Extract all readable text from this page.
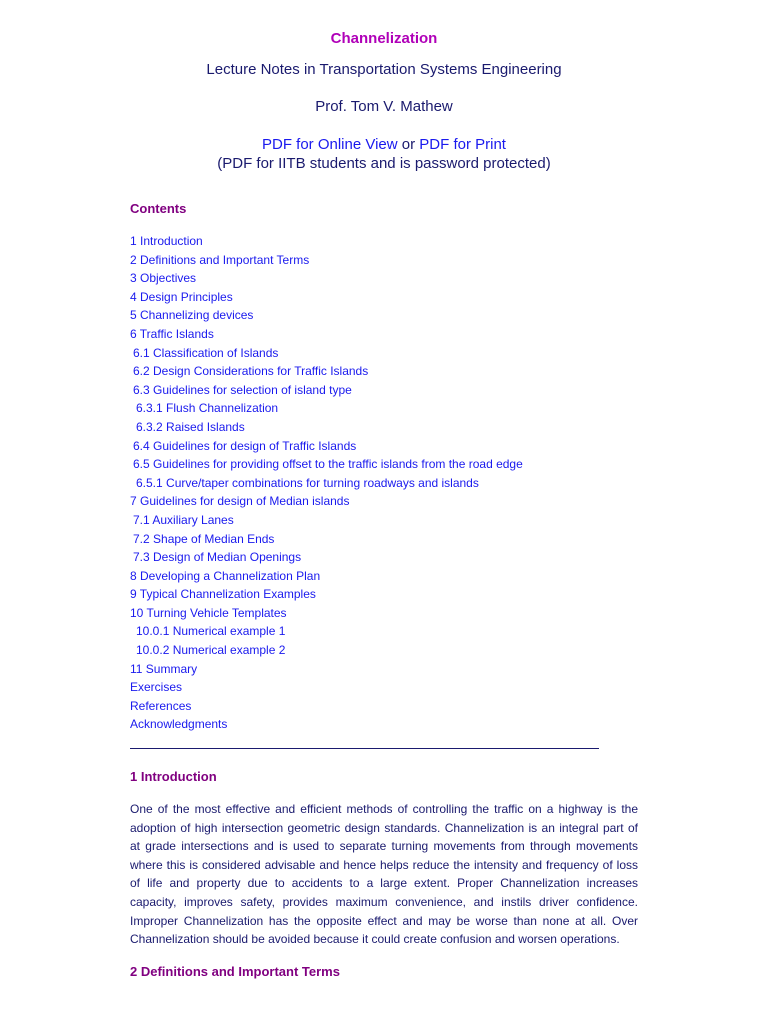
Channelization
Lecture Notes in Transportation Systems Engineering
Prof. Tom V. Mathew
PDF for Online View or PDF for Print
(PDF for IITB students and is password protected)
Contents
1 Introduction
2 Definitions and Important Terms
3 Objectives
4 Design Principles
5 Channelizing devices
6 Traffic Islands
6.1 Classification of Islands
6.2 Design Considerations for Traffic Islands
6.3 Guidelines for selection of island type
6.3.1 Flush Channelization
6.3.2 Raised Islands
6.4 Guidelines for design of Traffic Islands
6.5 Guidelines for providing offset to the traffic islands from the road edge
6.5.1 Curve/taper combinations for turning roadways and islands
7 Guidelines for design of Median islands
7.1 Auxiliary Lanes
7.2 Shape of Median Ends
7.3 Design of Median Openings
8 Developing a Channelization Plan
9 Typical Channelization Examples
10 Turning Vehicle Templates
10.0.1 Numerical example 1
10.0.2 Numerical example 2
11 Summary
Exercises
References
Acknowledgments
1 Introduction

One of the most effective and efficient methods of controlling the traffic on a highway is the adoption of high intersection geometric design standards. Channelization is an integral part of at grade intersections and is used to separate turning movements from through movements where this is considered advisable and hence helps reduce the intensity and frequency of loss of life and property due to accidents to a large extent. Proper Channelization increases capacity, improves safety, provides maximum convenience, and instils driver confidence. Improper Channelization has the opposite effect and may be worse than none at all. Over Channelization should be avoided because it could create confusion and worsen operations.

2 Definitions and Important Terms
